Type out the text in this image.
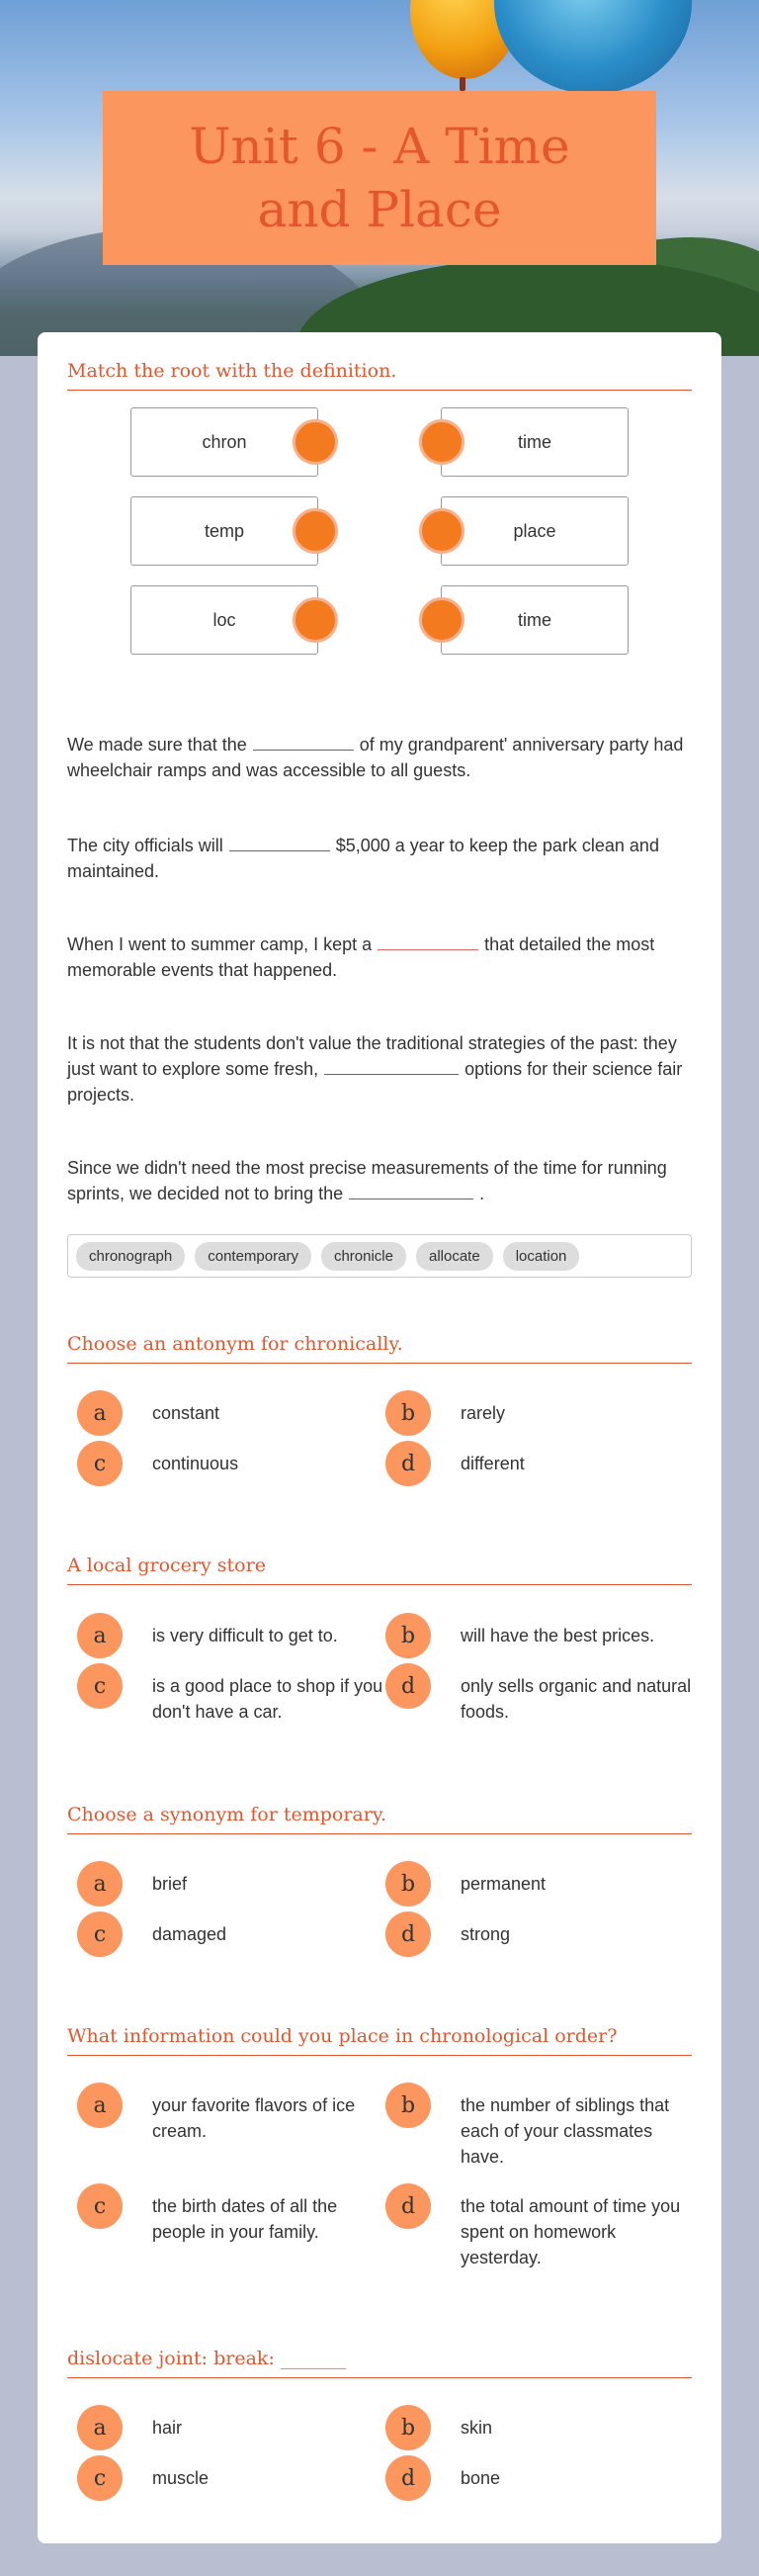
Unit 6 - A Time and Place
Match the root with the definition.
chron	time
temp	place
loc	time
We made sure that the	of my grandparent' anniversary party had wheelchair ramps and was accessible to all guests.
The city officials will	$5,000 a year to keep the park clean and maintained.
When I went to summer camp, I kept a	that detailed the most memorable events that happened.
It is not that the students don't value the traditional strategies of the past: they just want to explore some fresh,	options for their science fair projects.
Since we didn't need the most precise measurements of the time for running sprints, we decided not to bring the	.
chronograph	contemporary	chronicle	allocate	location
Choose an antonym for chronically.
a	constant	b	rarely
c	continuous	d	different
A local grocery store
a	is very difficult to get to.	b	will have the best prices.
c	is a good place to shop if you don't have a car.
d	only sells organic and natural foods.
Choose a synonym for temporary.
a	brief	b	permanent
c	damaged	d	strong
What information could you place in chronological order?
a	your favorite flavors of ice cream.
b	the number of siblings that each of your classmates have.
c	the birth dates of all the people in your family.
d	the total amount of time you spent on homework yesterday.
dislocate joint: break: _______
a	hair	b	skin
c	muscle	d	bone
